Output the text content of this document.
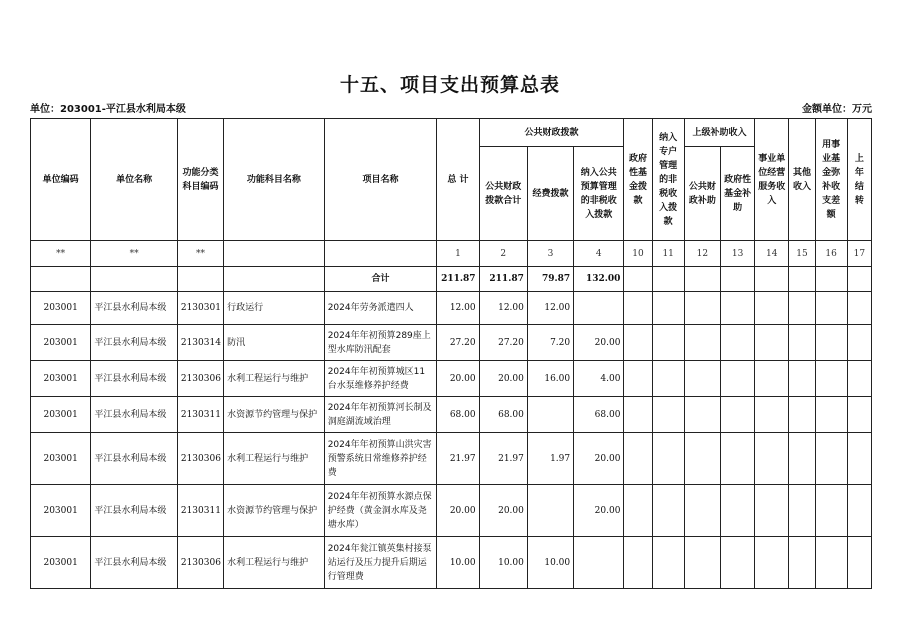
十五、项目支出预算总表
单位：203001-平江县水利局本级	金额单位：万元
单位编码	单位名称	功能分类科目编码	功能科目名称	项目名称	总 计	公共财政拨款			政府性基金拨款	纳入专户管理的非税收入拨款	上级补助收入		事业单位经营服务收入	其他收入	用事业基金弥补收支差额	上年结转
						公共财政拨款合计	经费拨款	纳入公共预算管理的非税收入拨款			公共财政补助	政府性基金补助				
**	**	**			1	2	3	4	10	11	12	13	14	15	16	17
				合计	211.87	211.87	79.87	132.00								
203001	平江县水利局本级	2130301	行政运行	2024年劳务派遣四人	12.00	12.00	12.00									
203001	平江县水利局本级	2130314	防汛	2024年年初预算289座上型水库防汛配套	27.20	27.20	7.20	20.00								
203001	平江县水利局本级	2130306	水利工程运行与维护	2024年年初预算城区11台水泵维修养护经费	20.00	20.00	16.00	4.00								
203001	平江县水利局本级	2130311	水资源节约管理与保护	2024年年初预算河长制及洞庭湖流域治理	68.00	68.00		68.00								
203001	平江县水利局本级	2130306	水利工程运行与维护	2024年年初预算山洪灾害预警系统日常维修养护经费	21.97	21.97	1.97	20.00								
203001	平江县水利局本级	2130311	水资源节约管理与保护	2024年年初预算水源点保护经费（黄金洞水库及尧塘水库）	20.00	20.00		20.00								
203001	平江县水利局本级	2130306	水利工程运行与维护	2024年瓮江镇英集村接泵站运行及压力提升后期运行管理费	10.00	10.00	10.00									
